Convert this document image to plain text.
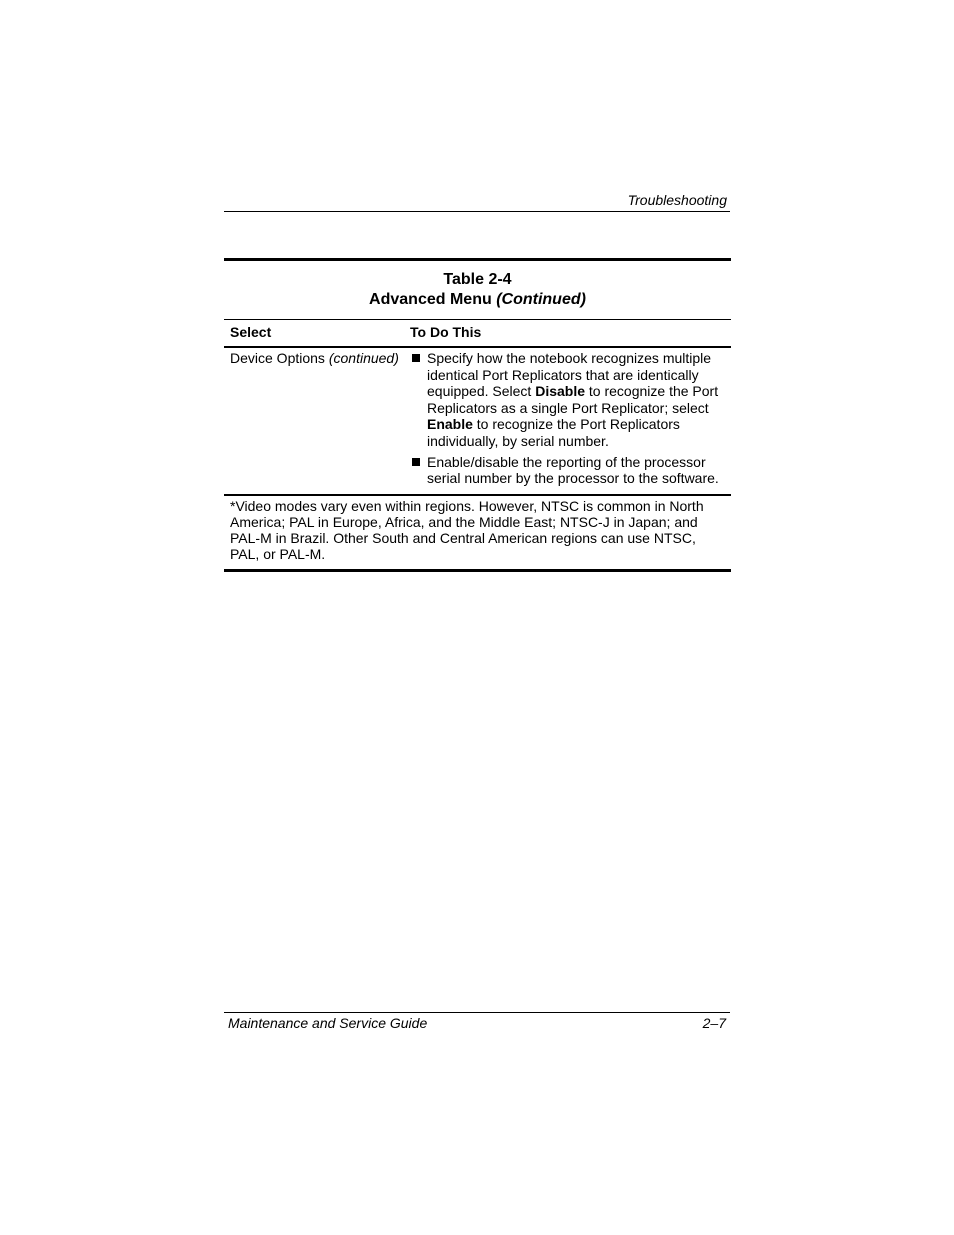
Troubleshooting
Table 2-4
Advanced Menu (Continued)
Select	To Do This
Device Options (continued)	Specify how the notebook recognizes multiple identical Port Replicators that are identically equipped. Select Disable to recognize the Port Replicators as a single Port Replicator; select Enable to recognize the Port Replicators individually, by serial number.
Enable/disable the reporting of the processor serial number by the processor to the software.
*Video modes vary even within regions. However, NTSC is common in North America; PAL in Europe, Africa, and the Middle East; NTSC-J in Japan; and PAL-M in Brazil. Other South and Central American regions can use NTSC, PAL, or PAL-M.
Maintenance and Service Guide	2–7
